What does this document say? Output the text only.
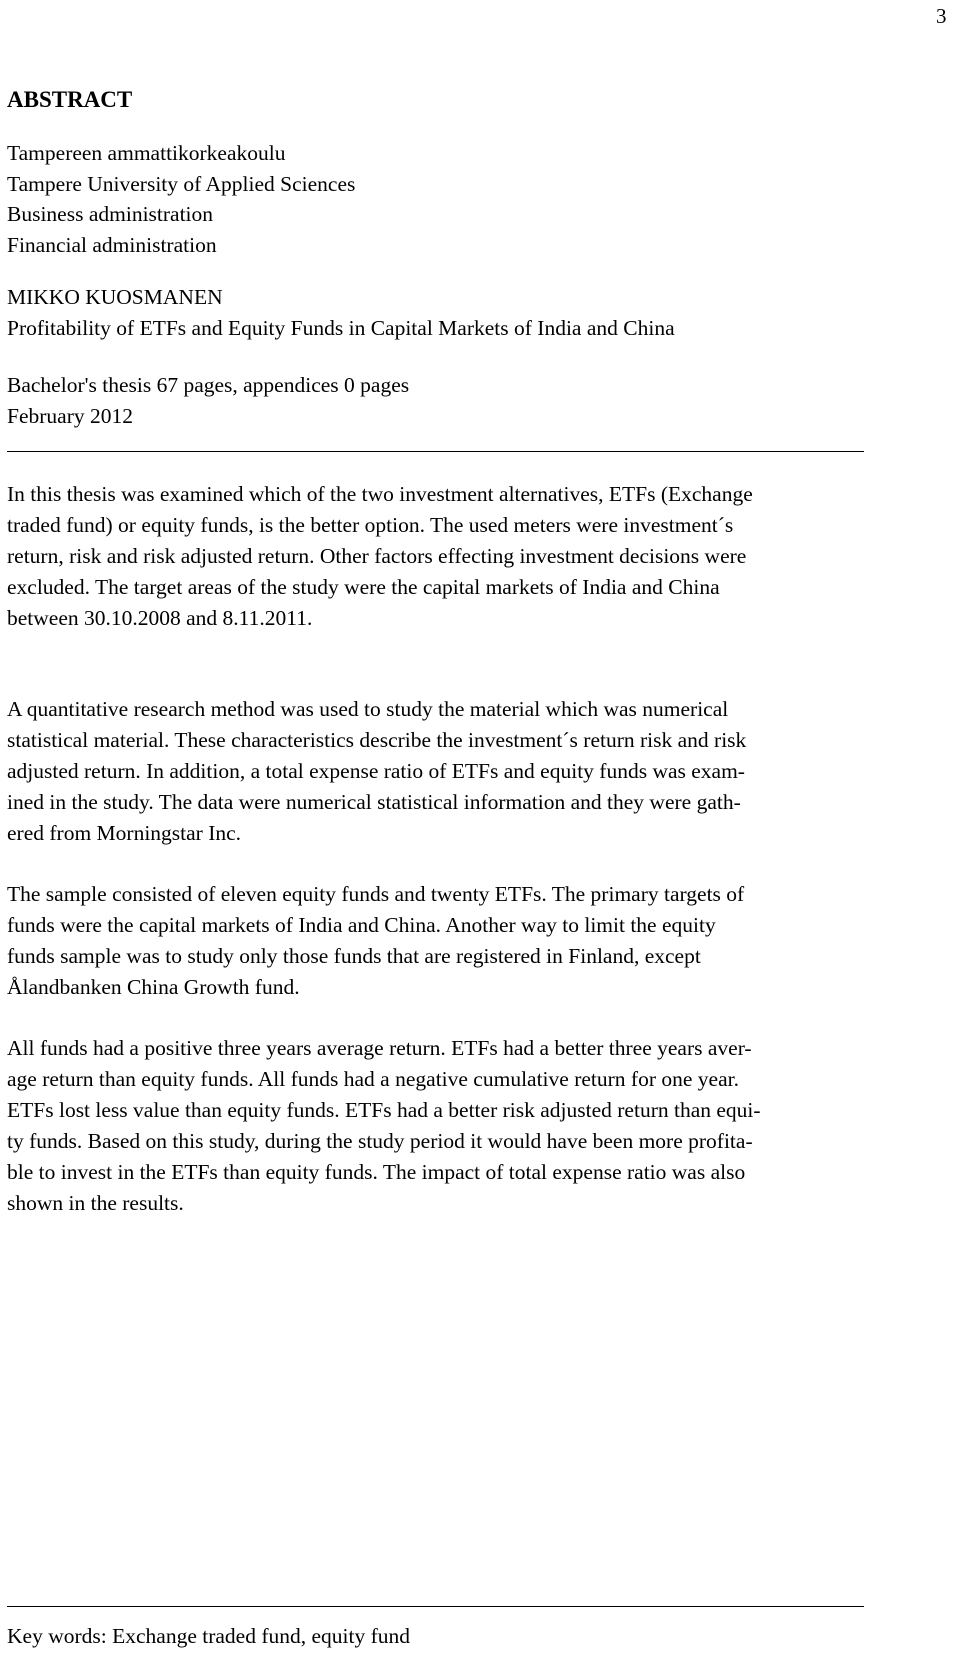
3
ABSTRACT
Tampereen ammattikorkeakoulu
Tampere University of Applied Sciences
Business administration
Financial administration
MIKKO KUOSMANEN
Profitability of ETFs and Equity Funds in Capital Markets of India and China
Bachelor's thesis 67 pages, appendices 0 pages
February 2012
In this thesis was examined which of the two investment alternatives, ETFs (Exchange
traded fund) or equity funds, is the better option. The used meters were investment´s
return, risk and risk adjusted return. Other factors effecting investment decisions were
excluded. The target areas of the study were the capital markets of India and China
between 30.10.2008 and 8.11.2011.
A quantitative research method was used to study the material which was numerical
statistical material. These characteristics describe the investment´s return risk and risk
adjusted return. In addition, a total expense ratio of ETFs and equity funds was exam-
ined in the study. The data were numerical statistical information and they were gath-
ered from Morningstar Inc.
The sample consisted of eleven equity funds and twenty ETFs. The primary targets of
funds were the capital markets of India and China. Another way to limit the equity
funds sample was to study only those funds that are registered in Finland, except
Ålandbanken China Growth fund.
All funds had a positive three years average return. ETFs had a better three years aver-
age return than equity funds. All funds had a negative cumulative return for one year.
ETFs lost less value than equity funds. ETFs had a better risk adjusted return than equi-
ty funds. Based on this study, during the study period it would have been more profita-
ble to invest in the ETFs than equity funds. The impact of total expense ratio was also
shown in the results.
Key words: Exchange traded fund, equity fund
